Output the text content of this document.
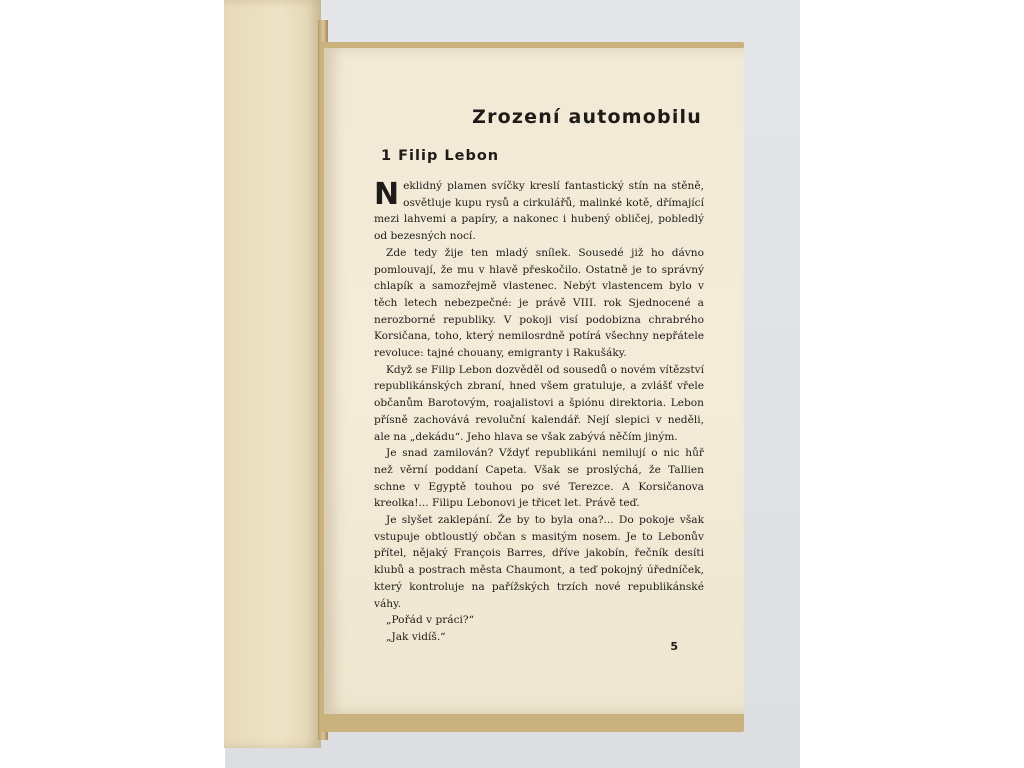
Zrození automobilu
1 Filip Lebon

Neklidný plamen svíčky kreslí fantastický stín na stěně, osvětluje kupu rysů a cirkulářů, malinké kotě, dřímající mezi lahvemi a papíry, a nakonec i hubený obličej, pobledlý od bezesných nocí.

Zde tedy žije ten mladý snílek. Sousedé již ho dávno pomlouvají, že mu v hlavě přeskočilo. Ostatně je to správný chlapík a samozřejmě vlastenec. Nebýt vlastencem bylo v těch letech nebezpečné: je právě VIII. rok Sjednocené a nerozborné republiky. V pokoji visí podobizna chrabrého Korsičana, toho, který nemilosrdně potírá všechny nepřátele revoluce: tajné chouany, emigranty i Rakušáky.

Když se Filip Lebon dozvěděl od sousedů o novém vítězství republikánských zbraní, hned všem gratuluje, a zvlášť vřele občanům Barotovým, roajalistovi a špiónu direktoria. Lebon přísně zachovává revoluční kalendář. Nejí slepici v neděli, ale na „dekádu“. Jeho hlava se však zabývá něčím jiným.

Je snad zamilován? Vždyť republikáni nemilují o nic hůř než věrní poddaní Capeta. Však se proslýchá, že Tallien schne v Egyptě touhou po své Terezce. A Korsičanova kreolka!... Filipu Lebonovi je třicet let. Právě teď.

Je slyšet zaklepání. Že by to byla ona?... Do pokoje však vstupuje obtloustlý občan s masitým nosem. Je to Lebonův přítel, nějaký François Barres, dříve jakobín, řečník desíti klubů a postrach města Chaumont, a teď pokojný úředníček, který kontroluje na pařížských trzích nové republikánské váhy.

„Pořád v práci?“

„Jak vidíš.“

5
